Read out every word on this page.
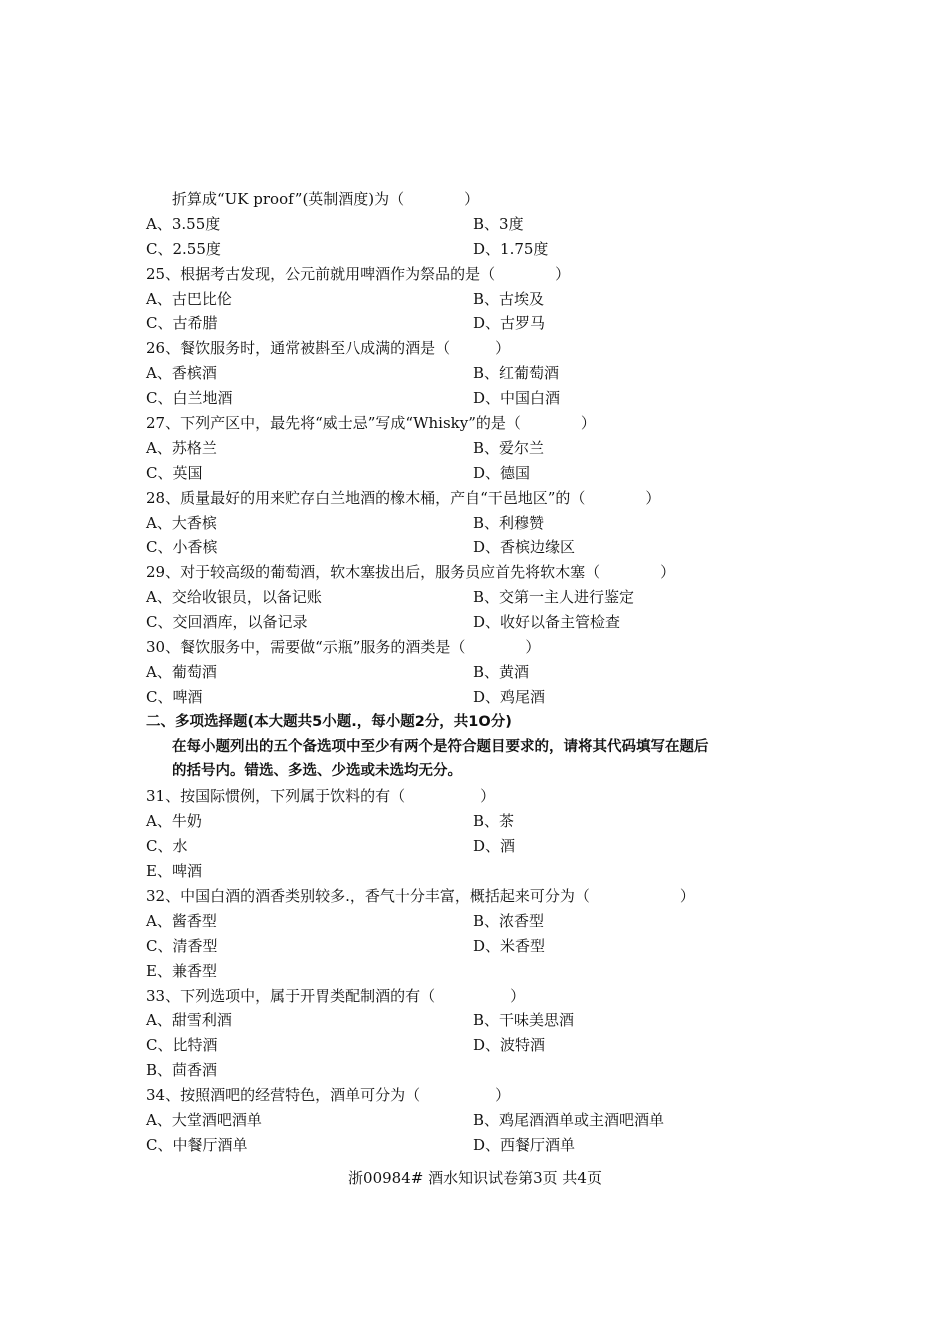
折算成“UK proof”(英制酒度)为（　　　　）
A、3.55度	B、3度
C、2.55度	D、1.75度
25、根据考古发现，公元前就用啤酒作为祭品的是（　　　　）
A、古巴比伦	B、古埃及
C、古希腊	D、古罗马
26、餐饮服务时，通常被斟至八成满的酒是（　　　）
A、香槟酒	B、红葡萄酒
C、白兰地酒	D、中国白酒
27、下列产区中，最先将“威士忌”写成“Whisky”的是（　　　　）
A、苏格兰	B、爱尔兰
C、英国	D、德国
28、质量最好的用来贮存白兰地酒的橡木桶，产自“干邑地区”的（　　　　）
A、大香槟	B、利穆赞
C、小香槟	D、香槟边缘区
29、对于较高级的葡萄酒，软木塞拔出后，服务员应首先将软木塞（　　　　）
A、交给收银员，以备记账	B、交第一主人进行鉴定
C、交回酒库，以备记录	D、收好以备主管检查
30、餐饮服务中，需要做“示瓶”服务的酒类是（　　　　）
A、葡萄酒	B、黄酒
C、啤酒	D、鸡尾酒
二、多项选择题(本大题共5小题.，每小题2分，共1O分)
在每小题列出的五个备选项中至少有两个是符合题目要求的，请将其代码填写在题后
的括号内。错选、多选、少选或未选均无分。
31、按国际惯例，下列属于饮料的有（　　　　　）
A、牛奶	B、茶
C、水	D、酒
E、啤酒
32、中国白酒的酒香类别较多.，香气十分丰富，概括起来可分为（　　　　　　）
A、酱香型	B、浓香型
C、清香型	D、米香型
E、兼香型
33、下列选项中，属于开胃类配制酒的有（　　　　　）
A、甜雪利酒	B、干味美思酒
C、比特酒	D、波特酒
B、茴香酒
34、按照酒吧的经营特色，酒单可分为（　　　　　）
A、大堂酒吧酒单	B、鸡尾酒酒单或主酒吧酒单
C、中餐厅酒单	D、西餐厅酒单
浙00984# 酒水知识试卷第3页 共4页
